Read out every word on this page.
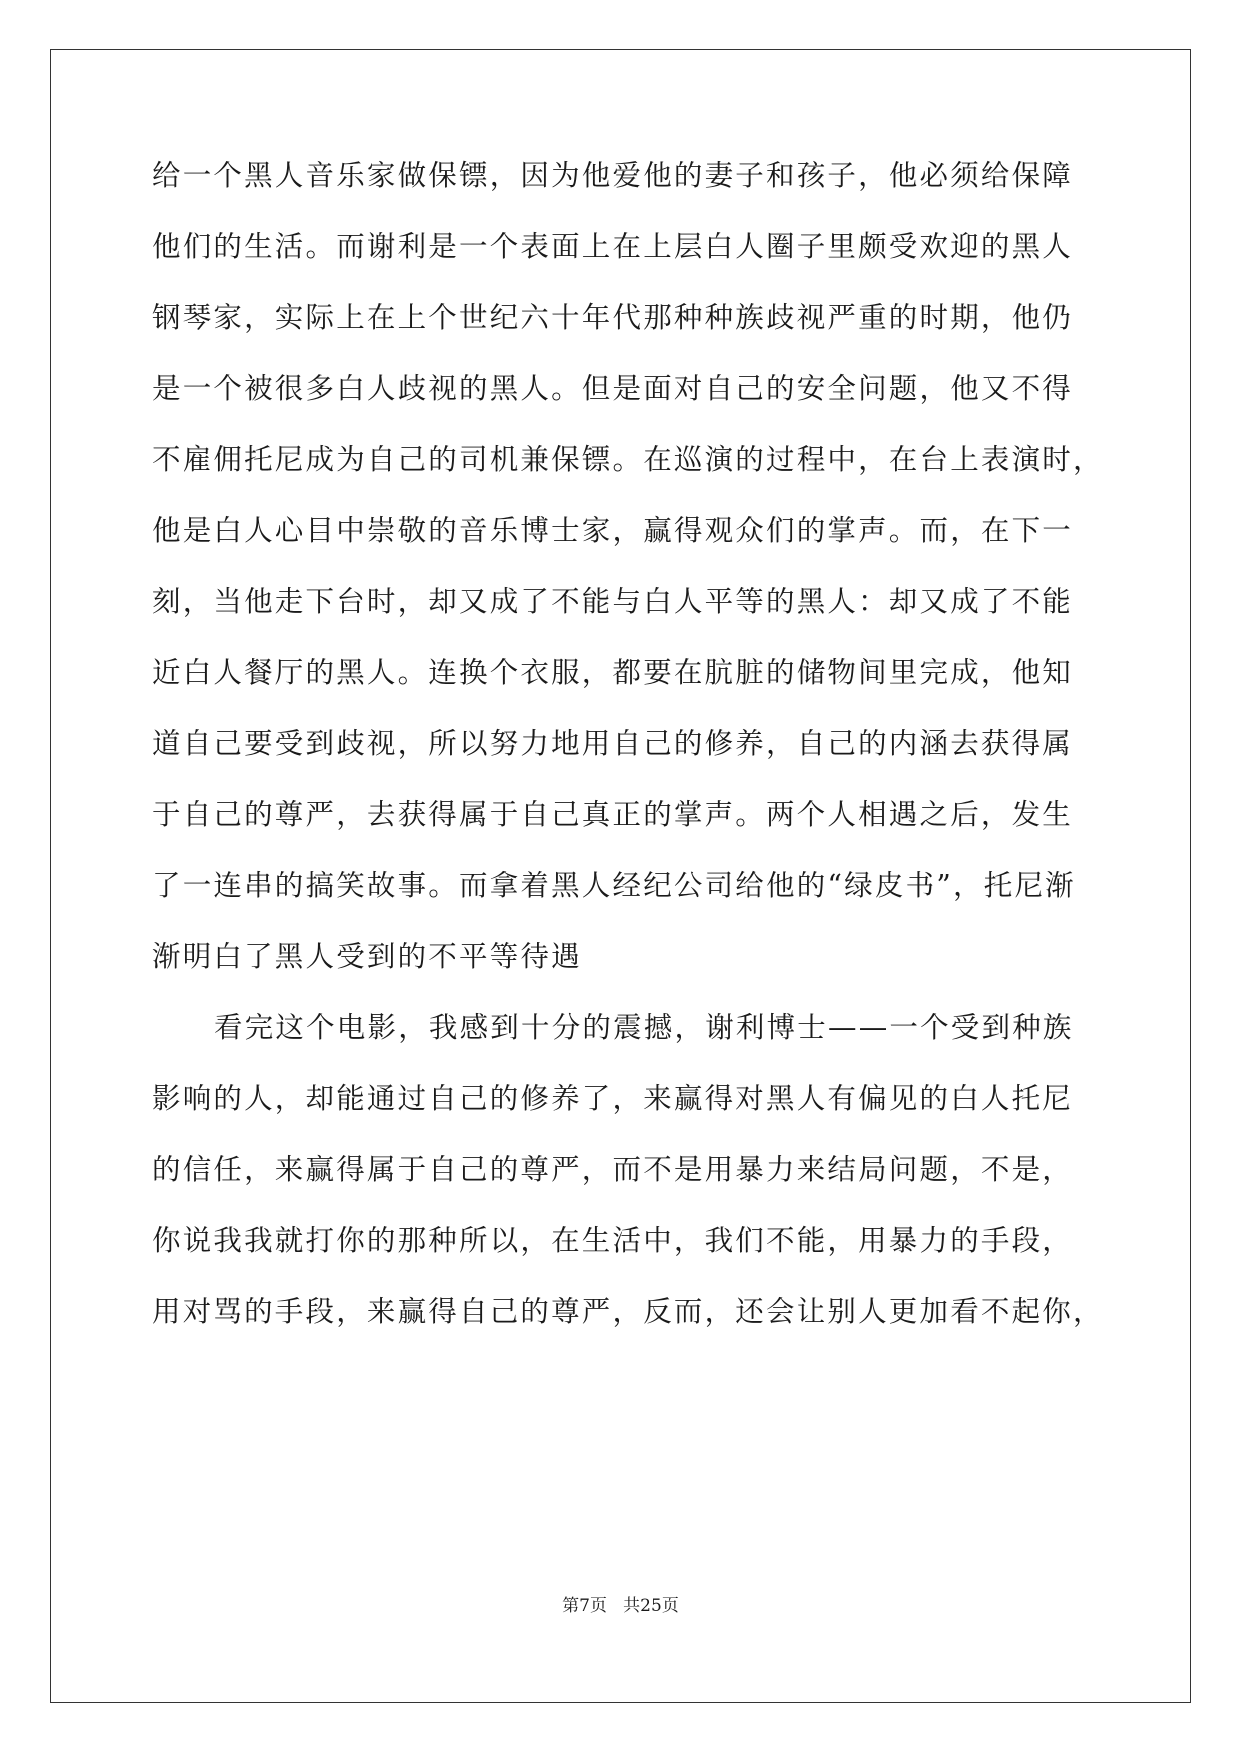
给一个黑人音乐家做保镖，因为他爱他的妻子和孩子，他必须给保障
他们的生活。而谢利是一个表面上在上层白人圈子里颇受欢迎的黑人
钢琴家，实际上在上个世纪六十年代那种种族歧视严重的时期，他仍
是一个被很多白人歧视的黑人。但是面对自己的安全问题，他又不得
不雇佣托尼成为自己的司机兼保镖。在巡演的过程中，在台上表演时，
他是白人心目中崇敬的音乐博士家，赢得观众们的掌声。而，在下一
刻，当他走下台时，却又成了不能与白人平等的黑人：却又成了不能
近白人餐厅的黑人。连换个衣服，都要在肮脏的储物间里完成，他知
道自己要受到歧视，所以努力地用自己的修养，自己的内涵去获得属
于自己的尊严，去获得属于自己真正的掌声。两个人相遇之后，发生
了一连串的搞笑故事。而拿着黑人经纪公司给他的“绿皮书”，托尼渐
渐明白了黑人受到的不平等待遇
看完这个电影，我感到十分的震撼，谢利博士——一个受到种族
影响的人，却能通过自己的修养了，来赢得对黑人有偏见的白人托尼
的信任，来赢得属于自己的尊严，而不是用暴力来结局问题，不是，
你说我我就打你的那种所以，在生活中，我们不能，用暴力的手段，
用对骂的手段，来赢得自己的尊严，反而，还会让别人更加看不起你，
第7页   共25页
